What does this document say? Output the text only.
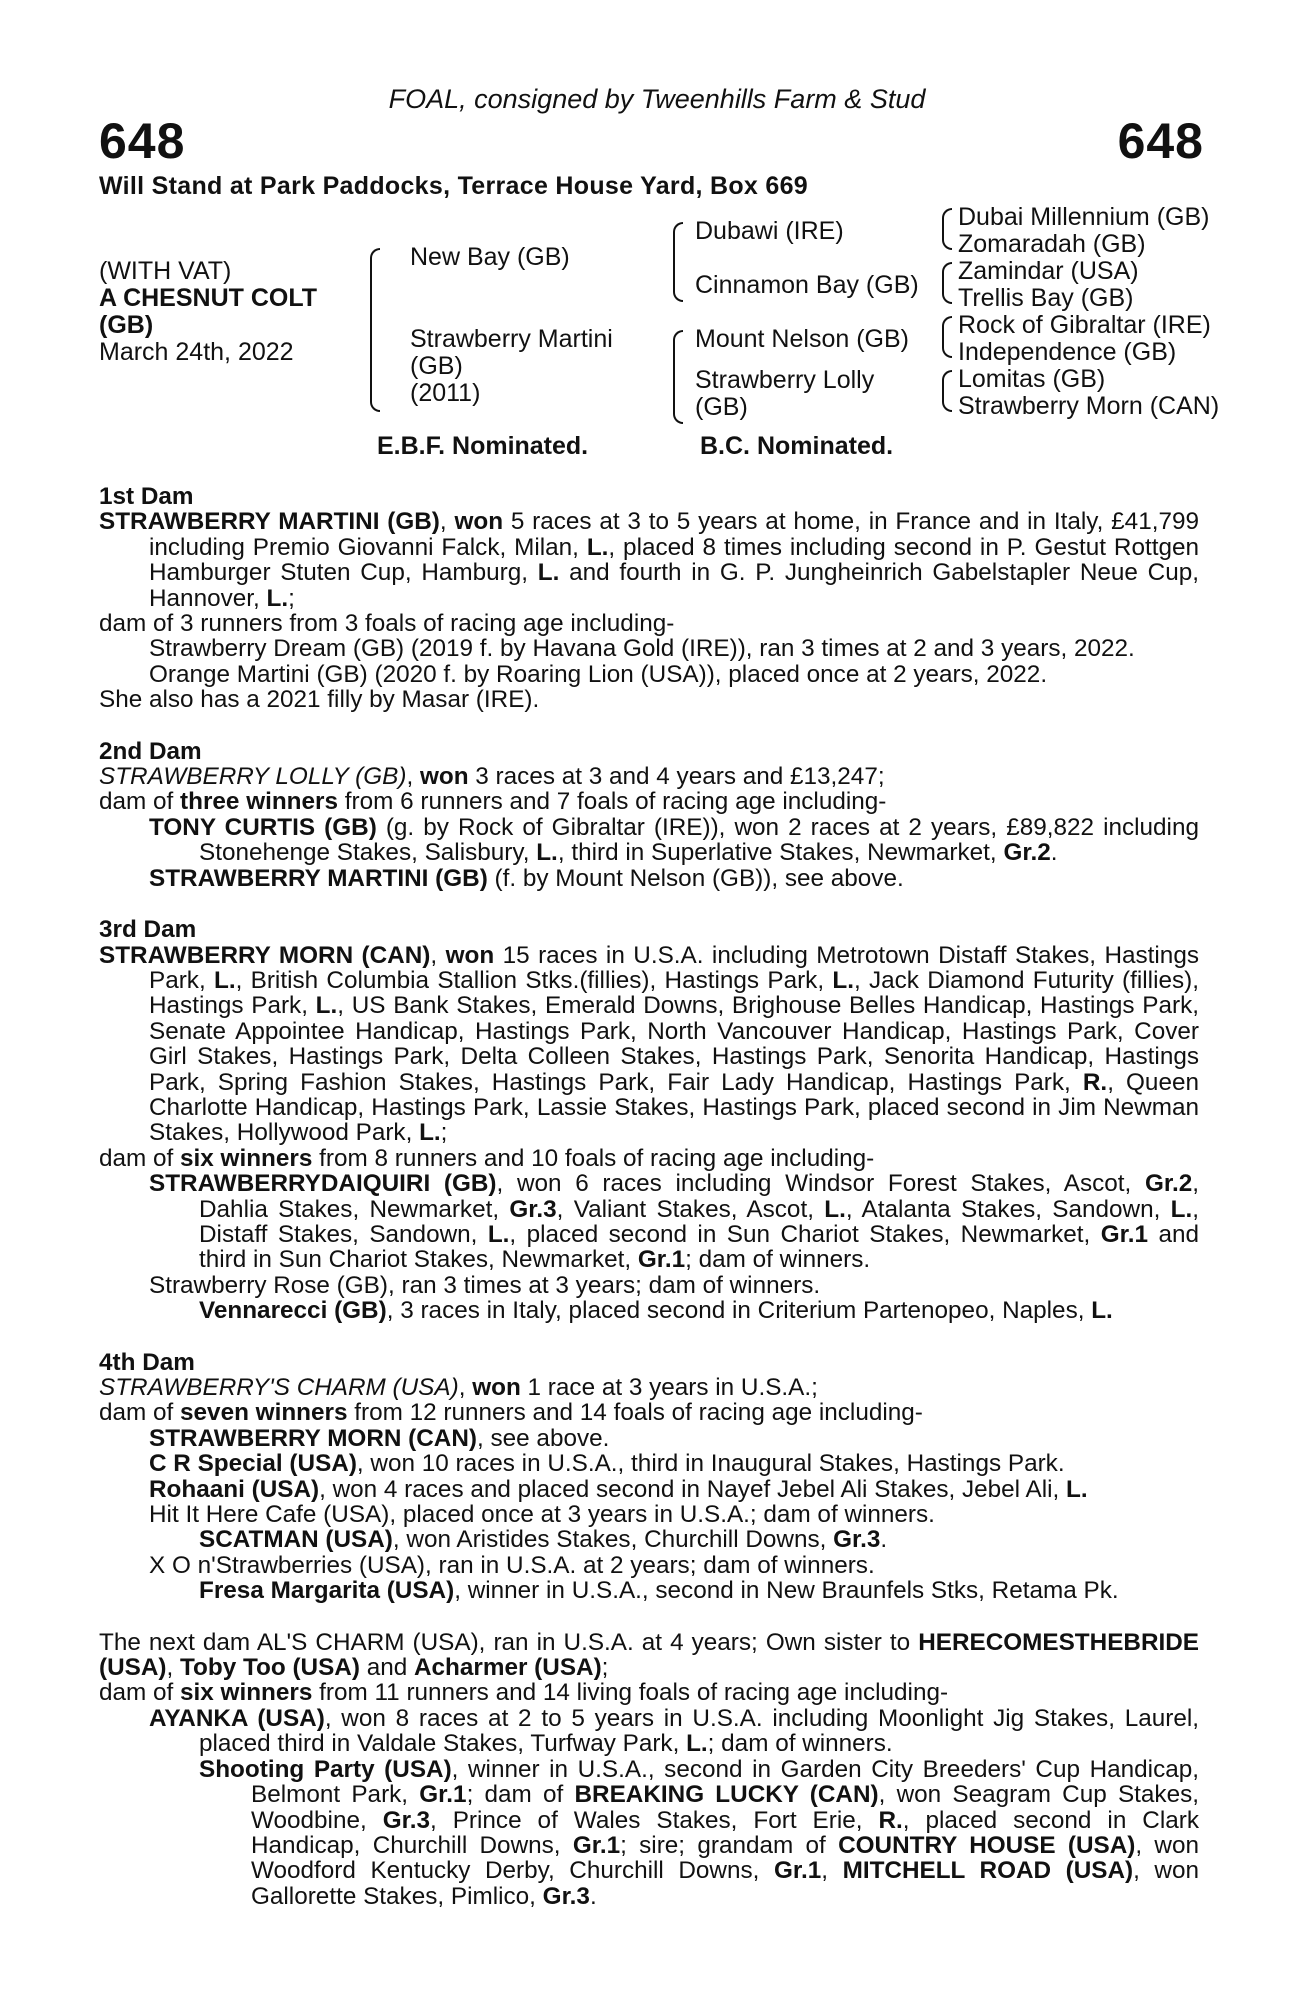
FOAL, consigned by Tweenhills Farm & Stud
648	648
Will Stand at Park Paddocks, Terrace House Yard, Box 669
(WITH VAT)
A CHESNUT COLT
(GB)
March 24th, 2022
New Bay (GB)
Strawberry Martini
(GB)
(2011)
Dubawi (IRE)
Cinnamon Bay (GB)
Mount Nelson (GB)
Strawberry Lolly
(GB)
Dubai Millennium (GB)
Zomaradah (GB)
Zamindar (USA)
Trellis Bay (GB)
Rock of Gibraltar (IRE)
Independence (GB)
Lomitas (GB)
Strawberry Morn (CAN)
E.B.F. Nominated.	B.C. Nominated.

1st Dam

STRAWBERRY MARTINI (GB), won 5 races at 3 to 5 years at home, in France and in Italy, £41,799 including Premio Giovanni Falck, Milan, L., placed 8 times including second in P. Gestut Rottgen Hamburger Stuten Cup, Hamburg, L. and fourth in G. P. Jungheinrich Gabelstapler Neue Cup, Hannover, L.;

dam of 3 runners from 3 foals of racing age including-

Strawberry Dream (GB) (2019 f. by Havana Gold (IRE)), ran 3 times at 2 and 3 years, 2022.

Orange Martini (GB) (2020 f. by Roaring Lion (USA)), placed once at 2 years, 2022.

She also has a 2021 filly by Masar (IRE).

2nd Dam

STRAWBERRY LOLLY (GB), won 3 races at 3 and 4 years and £13,247;

dam of three winners from 6 runners and 7 foals of racing age including-

TONY CURTIS (GB) (g. by Rock of Gibraltar (IRE)), won 2 races at 2 years, £89,822 including Stonehenge Stakes, Salisbury, L., third in Superlative Stakes, Newmarket, Gr.2.

STRAWBERRY MARTINI (GB) (f. by Mount Nelson (GB)), see above.

3rd Dam

STRAWBERRY MORN (CAN), won 15 races in U.S.A. including Metrotown Distaff Stakes, Hastings Park, L., British Columbia Stallion Stks.(fillies), Hastings Park, L., Jack Diamond Futurity (fillies), Hastings Park, L., US Bank Stakes, Emerald Downs, Brighouse Belles Handicap, Hastings Park, Senate Appointee Handicap, Hastings Park, North Vancouver Handicap, Hastings Park, Cover Girl Stakes, Hastings Park, Delta Colleen Stakes, Hastings Park, Senorita Handicap, Hastings Park, Spring Fashion Stakes, Hastings Park, Fair Lady Handicap, Hastings Park, R., Queen Charlotte Handicap, Hastings Park, Lassie Stakes, Hastings Park, placed second in Jim Newman Stakes, Hollywood Park, L.;

dam of six winners from 8 runners and 10 foals of racing age including-

STRAWBERRYDAIQUIRI (GB), won 6 races including Windsor Forest Stakes, Ascot, Gr.2, Dahlia Stakes, Newmarket, Gr.3, Valiant Stakes, Ascot, L., Atalanta Stakes, Sandown, L., Distaff Stakes, Sandown, L., placed second in Sun Chariot Stakes, Newmarket, Gr.1 and third in Sun Chariot Stakes, Newmarket, Gr.1; dam of winners.

Strawberry Rose (GB), ran 3 times at 3 years; dam of winners.

Vennarecci (GB), 3 races in Italy, placed second in Criterium Partenopeo, Naples, L.

4th Dam

STRAWBERRY'S CHARM (USA), won 1 race at 3 years in U.S.A.;

dam of seven winners from 12 runners and 14 foals of racing age including-

STRAWBERRY MORN (CAN), see above.

C R Special (USA), won 10 races in U.S.A., third in Inaugural Stakes, Hastings Park.

Rohaani (USA), won 4 races and placed second in Nayef Jebel Ali Stakes, Jebel Ali, L.

Hit It Here Cafe (USA), placed once at 3 years in U.S.A.; dam of winners.

SCATMAN (USA), won Aristides Stakes, Churchill Downs, Gr.3.

X O n'Strawberries (USA), ran in U.S.A. at 2 years; dam of winners.

Fresa Margarita (USA), winner in U.S.A., second in New Braunfels Stks, Retama Pk.

The next dam AL'S CHARM (USA), ran in U.S.A. at 4 years; Own sister to HERECOMESTHEBRIDE (USA), Toby Too (USA) and Acharmer (USA);

dam of six winners from 11 runners and 14 living foals of racing age including-

AYANKA (USA), won 8 races at 2 to 5 years in U.S.A. including Moonlight Jig Stakes, Laurel, placed third in Valdale Stakes, Turfway Park, L.; dam of winners.

Shooting Party (USA), winner in U.S.A., second in Garden City Breeders' Cup Handicap, Belmont Park, Gr.1; dam of BREAKING LUCKY (CAN), won Seagram Cup Stakes, Woodbine, Gr.3, Prince of Wales Stakes, Fort Erie, R., placed second in Clark Handicap, Churchill Downs, Gr.1; sire; grandam of COUNTRY HOUSE (USA), won Woodford Kentucky Derby, Churchill Downs, Gr.1, MITCHELL ROAD (USA), won Gallorette Stakes, Pimlico, Gr.3.
